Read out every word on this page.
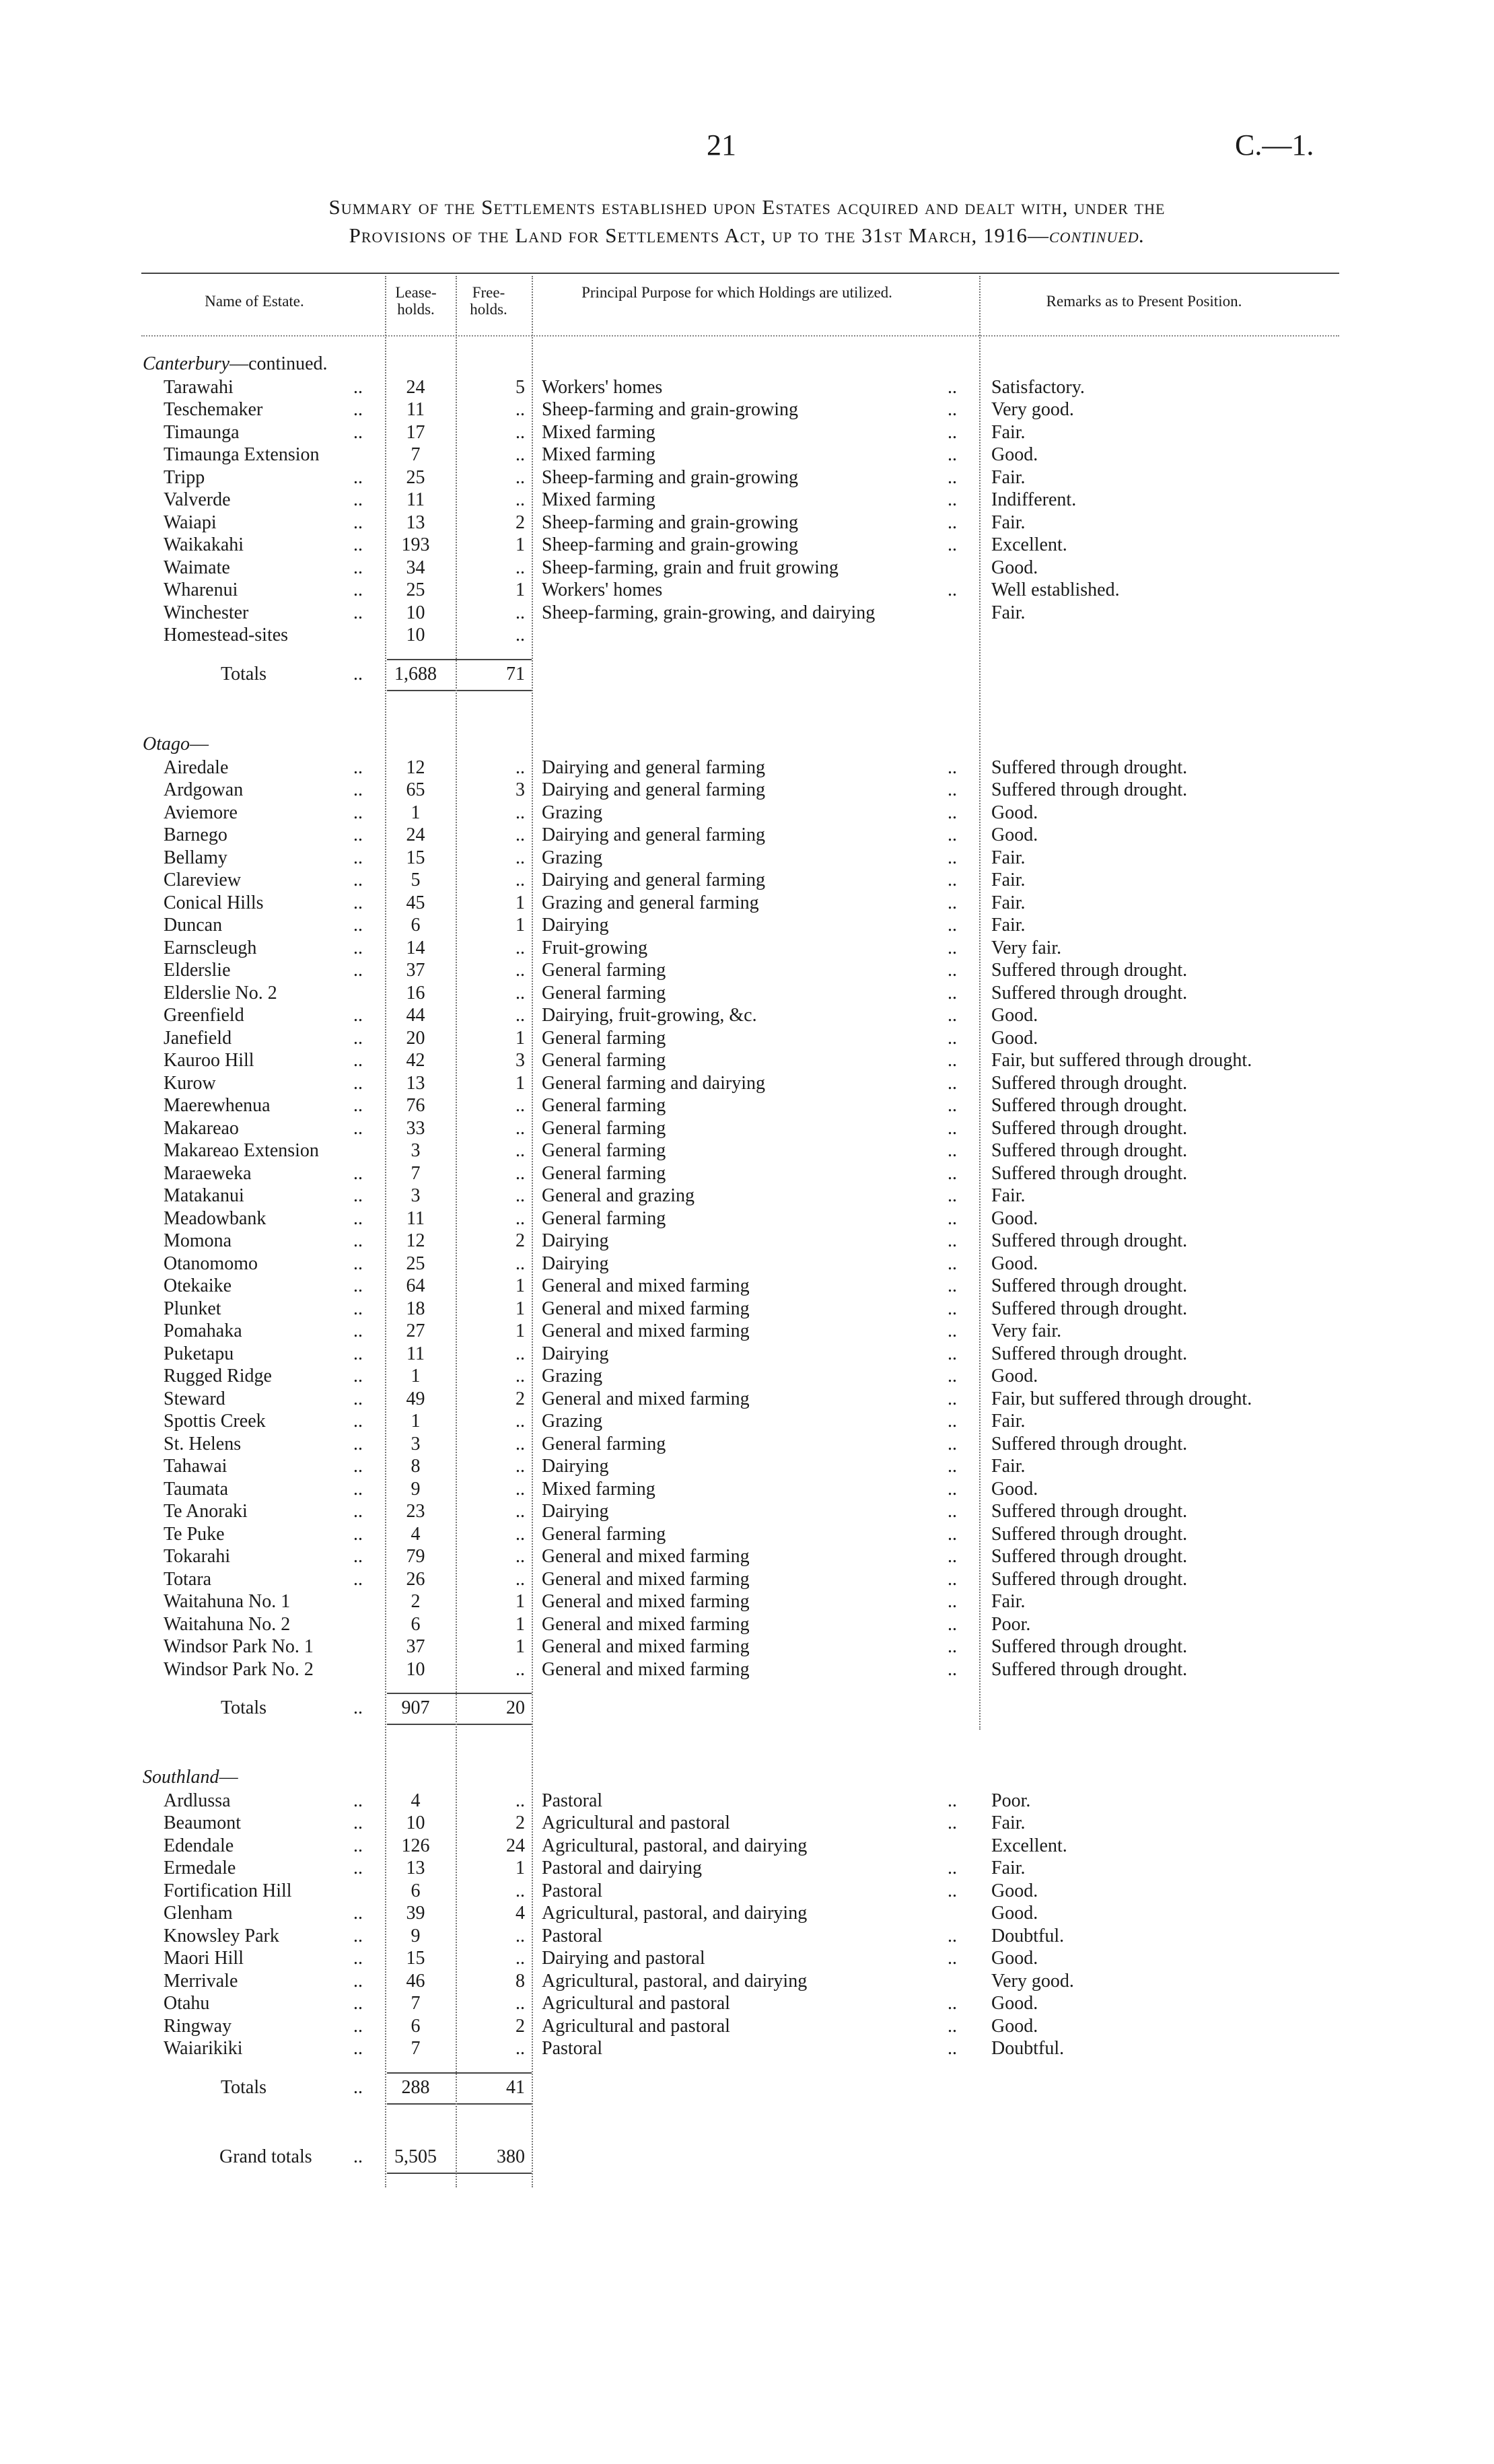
21	C.—1.
Summary of the Settlements established upon Estates acquired and dealt with, under the
Provisions of the Land for Settlements Act, up to the 31st March, 1916—continued.
Name of Estate.
Lease-
holds.
Free-
holds.
Principal Purpose for which Holdings are utilized.
Remarks as to Present Position.
Canterbury—continued.
Tarawahi	..	24	5 Workers' homes	.. Satisfactory.
Teschemaker	..	11	.. Sheep-farming and grain-growing	.. Very good.
Timaunga	..	17	.. Mixed farming	.. Fair.
Timaunga Extension	7	.. Mixed farming	.. Good.
Tripp	..	25	.. Sheep-farming and grain-growing	.. Fair.
Valverde	..	11	.. Mixed farming	.. Indifferent.
Waiapi	..	13	2 Sheep-farming and grain-growing	.. Fair.
Waikakahi	..	193	1 Sheep-farming and grain-growing	.. Excellent.
Waimate	..	34	.. Sheep-farming, grain and fruit growing	Good.
Wharenui	..	25	1 Workers' homes	.. Well established.
Winchester	..	10	.. Sheep-farming, grain-growing, and dairying	Fair.
Homestead-sites	10	..
Totals	.. 1,688	71
Otago—
Airedale	..	12	.. Dairying and general farming	.. Suffered through drought.
Ardgowan	..	65	3 Dairying and general farming	.. Suffered through drought.
Aviemore	..	1	.. Grazing	.. Good.
Barnego	..	24	.. Dairying and general farming	.. Good.
Bellamy	..	15	.. Grazing	.. Fair.
Clareview	..	5	.. Dairying and general farming	.. Fair.
Conical Hills	..	45	1 Grazing and general farming	.. Fair.
Duncan	..	6	1 Dairying	.. Fair.
Earnscleugh	..	14	.. Fruit-growing	.. Very fair.
Elderslie	..	37	.. General farming	.. Suffered through drought.
Elderslie No. 2	16	.. General farming	.. Suffered through drought.
Greenfield	..	44	.. Dairying, fruit-growing, &c.	.. Good.
Janefield	..	20	1 General farming	.. Good.
Kauroo Hill	..	42	3 General farming	.. Fair, but suffered through drought.
Kurow	..	13	1 General farming and dairying	.. Suffered through drought.
Maerewhenua	..	76	.. General farming	.. Suffered through drought.
Makareao	..	33	.. General farming	.. Suffered through drought.
Makareao Extension	3	.. General farming	.. Suffered through drought.
Maraeweka	..	7	.. General farming	.. Suffered through drought.
Matakanui	..	3	.. General and grazing	.. Fair.
Meadowbank	..	11	.. General farming	.. Good.
Momona	..	12	2 Dairying	.. Suffered through drought.
Otanomomo	..	25	.. Dairying	.. Good.
Otekaike	..	64	1 General and mixed farming	.. Suffered through drought.
Plunket	..	18	1 General and mixed farming	.. Suffered through drought.
Pomahaka	..	27	1 General and mixed farming	.. Very fair.
Puketapu	..	11	.. Dairying	.. Suffered through drought.
Rugged Ridge	..	1	.. Grazing	.. Good.
Steward	..	49	2 General and mixed farming	.. Fair, but suffered through drought.
Spottis Creek	..	1	.. Grazing	.. Fair.
St. Helens	..	3	.. General farming	.. Suffered through drought.
Tahawai	..	8	.. Dairying	.. Fair.
Taumata	..	9	.. Mixed farming	.. Good.
Te Anoraki	..	23	.. Dairying	.. Suffered through drought.
Te Puke	..	4	.. General farming	.. Suffered through drought.
Tokarahi	..	79	.. General and mixed farming	.. Suffered through drought.
Totara	..	26	.. General and mixed farming	.. Suffered through drought.
Waitahuna No. 1	2	1 General and mixed farming	.. Fair.
Waitahuna No. 2	6	1 General and mixed farming	.. Poor.
Windsor Park No. 1	37	1 General and mixed farming	.. Suffered through drought.
Windsor Park No. 2	10	.. General and mixed farming	.. Suffered through drought.
Totals	..	907	20
Southland—
Ardlussa	..	4	.. Pastoral	.. Poor.
Beaumont	..	10	2 Agricultural and pastoral	.. Fair.
Edendale	..	126	24 Agricultural, pastoral, and dairying	Excellent.
Ermedale	..	13	1 Pastoral and dairying	.. Fair.
Fortification Hill	6	.. Pastoral	.. Good.
Glenham	..	39	4 Agricultural, pastoral, and dairying	Good.
Knowsley Park	..	9	.. Pastoral	.. Doubtful.
Maori Hill	..	15	.. Dairying and pastoral	.. Good.
Merrivale	..	46	8 Agricultural, pastoral, and dairying	Very good.
Otahu	..	7	.. Agricultural and pastoral	.. Good.
Ringway	..	6	2 Agricultural and pastoral	.. Good.
Waiarikiki	..	7	.. Pastoral	.. Doubtful.
Totals	..	288	41
Grand totals .. 5,505	380
